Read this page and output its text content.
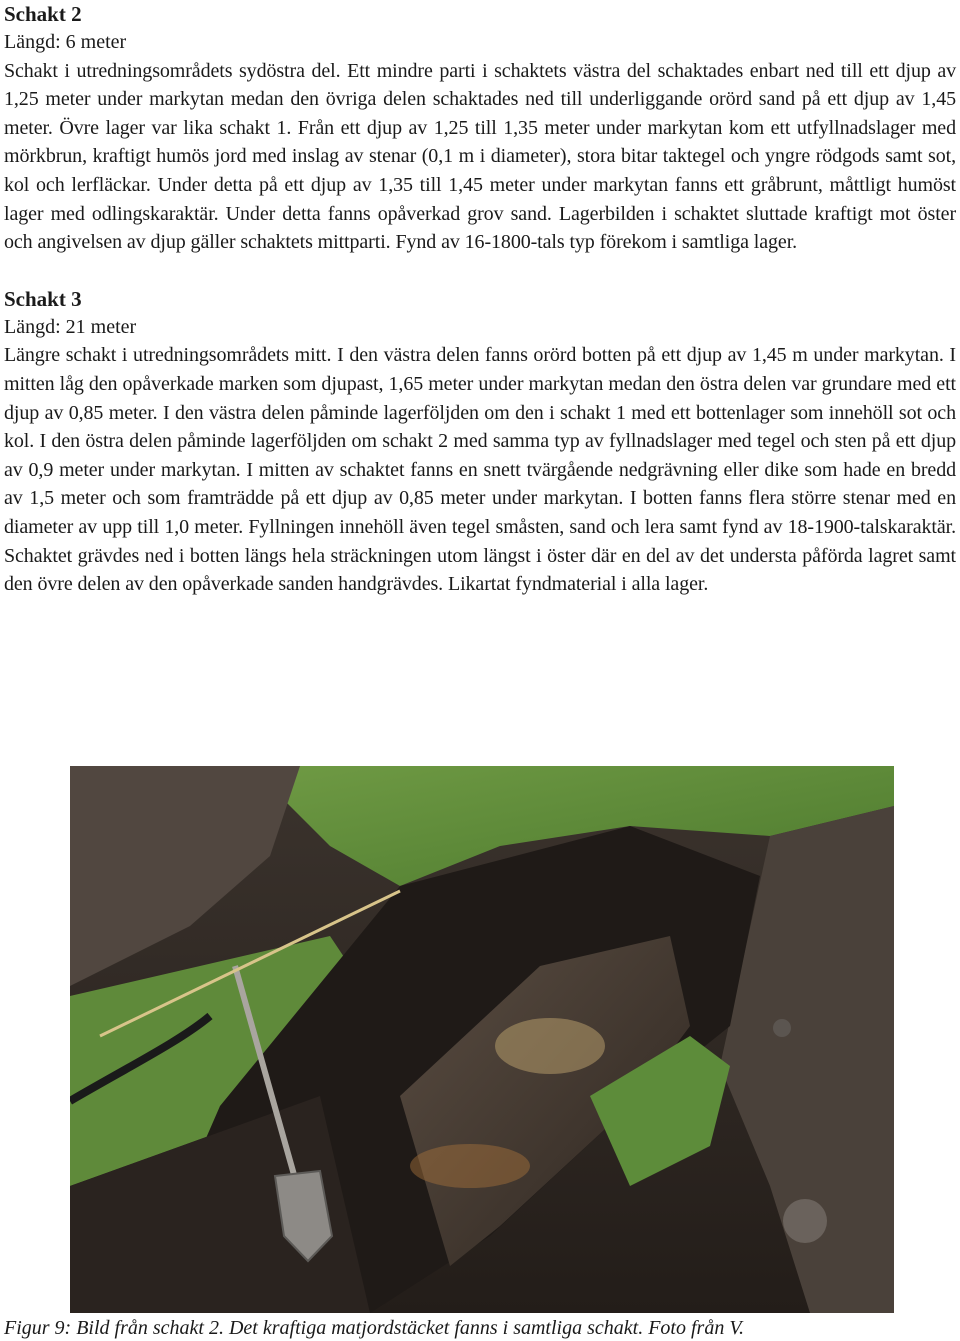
Schakt 2

Längd: 6 meter

Schakt i utredningsområdets sydöstra del. Ett mindre parti i schaktets västra del schaktades enbart ned till ett djup av 1,25 meter under markytan medan den övriga delen schaktades ned till underliggande orörd sand på ett djup av 1,45 meter. Övre lager var lika schakt 1. Från ett djup av 1,25 till 1,35 meter under markytan kom ett utfyllnadslager med mörkbrun, kraftigt humös jord med inslag av stenar (0,1 m i diameter), stora bitar taktegel och yngre rödgods samt sot, kol och lerfläckar. Under detta på ett djup av 1,35 till 1,45 meter under markytan fanns ett gråbrunt, måttligt humöst lager med odlingskaraktär. Under detta fanns opåverkad grov sand. Lagerbilden i schaktet sluttade kraftigt mot öster och angivelsen av djup gäller schaktets mittparti. Fynd av 16-1800-tals typ förekom i samtliga lager.

Schakt 3

Längd: 21 meter

Längre schakt i utredningsområdets mitt. I den västra delen fanns orörd botten på ett djup av 1,45 m under markytan. I mitten låg den opåverkade marken som djupast, 1,65 meter under markytan medan den östra delen var grundare med ett djup av 0,85 meter. I den västra delen påminde lagerföljden om den i schakt 1 med ett bottenlager som innehöll sot och kol. I den östra delen påminde lagerföljden om schakt 2 med samma typ av fyllnadslager med tegel och sten på ett djup av 0,9 meter under markytan. I mitten av schaktet fanns en snett tvärgående nedgrävning eller dike som hade en bredd av 1,5 meter och som framträdde på ett djup av 0,85 meter under markytan. I botten fanns flera större stenar med en diameter av upp till 1,0 meter. Fyllningen innehöll även tegel småsten, sand och lera samt fynd av 18-1900-talskaraktär. Schaktet grävdes ned i botten längs hela sträckningen utom längst i öster där en del av det understa påförda lagret samt den övre delen av den opåverkade sanden handgrävdes. Likartat fyndmaterial i alla lager.

Figur 9: Bild från schakt 2. Det kraftiga matjordstäcket fanns i samtliga schakt. Foto från V.
